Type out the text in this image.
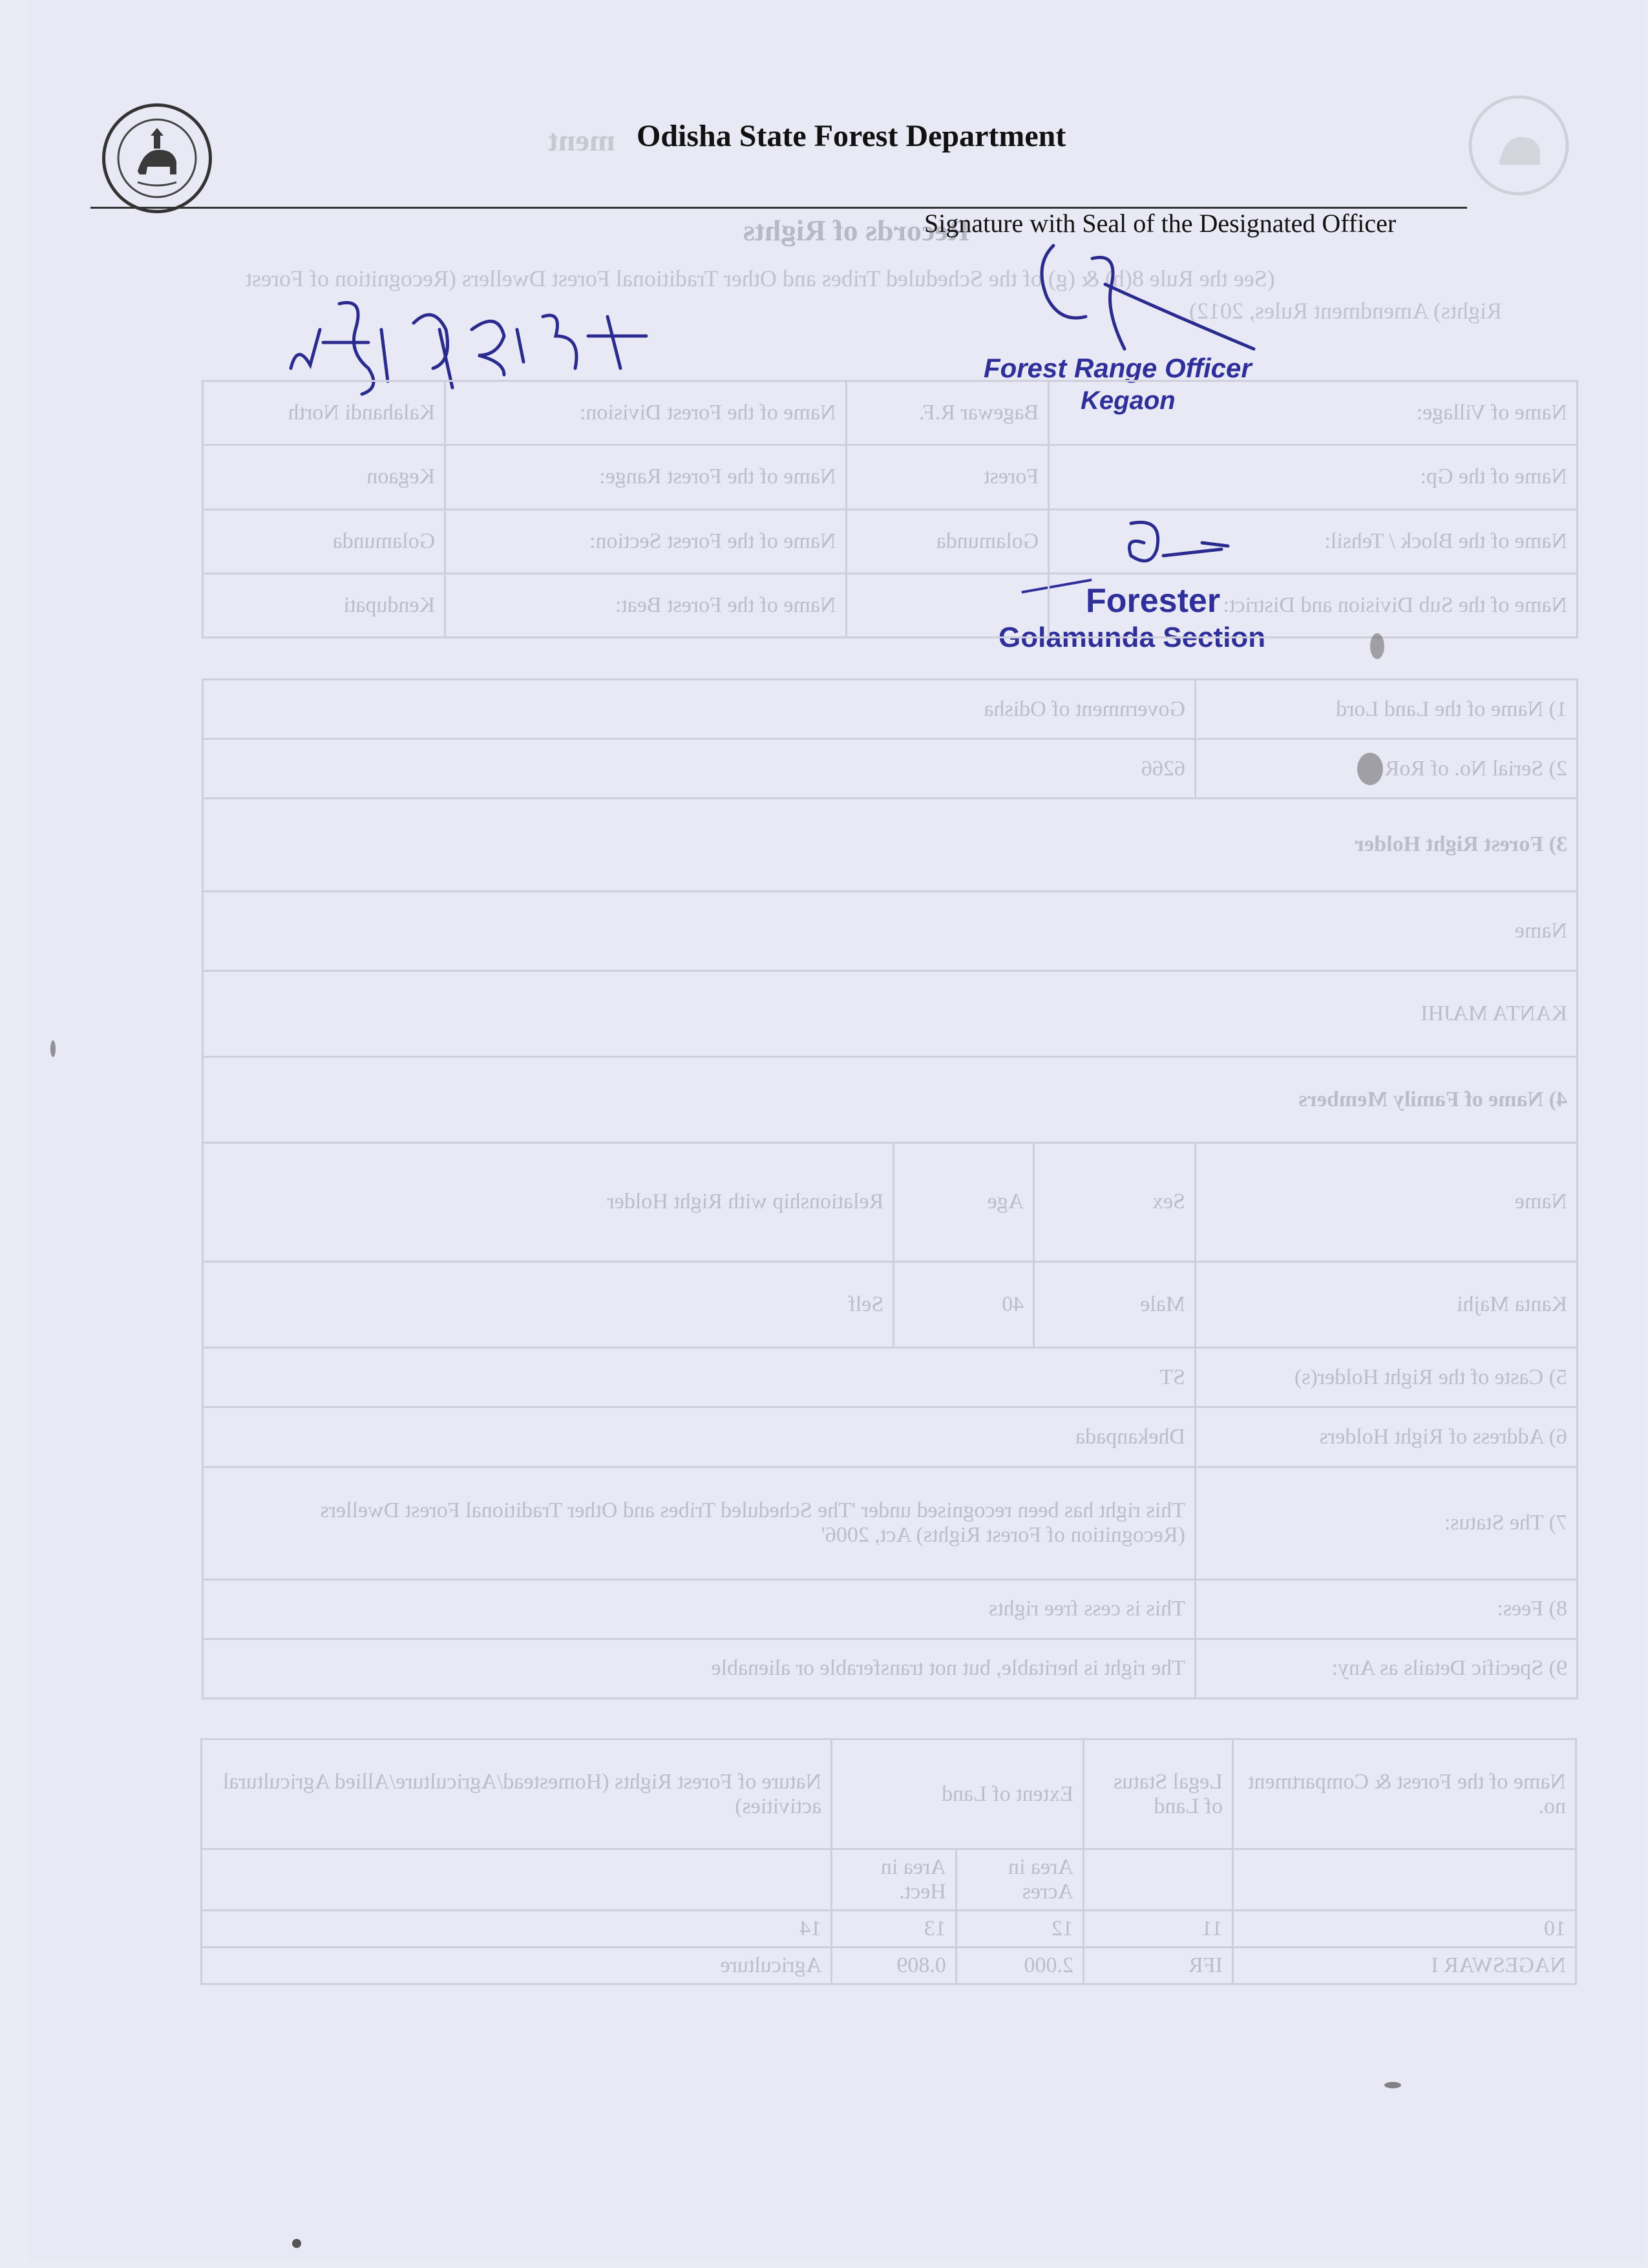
ment
Records of Rights
(See the Rule 8(h) & (g) of the Scheduled Tribes and Other Traditional Forest Dwellers (Recognition of Forest
Rights) Amendment Rules, 2012)
Odisha State Forest Department
Signature with Seal of the Designated Officer
Forest Range Officer
Kegaon
Forester
Golamunda Section
Name of Village:	Bagewar R.F.	Name of the Forest Division:	Kalahandi North
Name of the Gp:	Forest	Name of the Forest Range:	Kegaon
Name of the Block / Tehsil:	Golamunda	Name of the Forest Section:	Golamunda
Name of the Sub Division and District:		Name of the Forest Beat:	Kendupati
1) Name of the Land Lord	Government of Odisha		
2) Serial No. of RoR	6266		
3) Forest Right Holder			
Name			
KANTA MAJHI			
4) Name of Family Members			
Name	Sex	Age	Relationship with Right Holder
Kanta Majhi	Male	40	Self
5) Caste of the Right Holder(s)	ST		
6) Address of Right Holders	Dhekanpada		
7) The Status:	This right has been recognised under 'The Scheduled Tribes and Other Traditional Forest Dwellers (Recognition of Forest Rights) Act, 2006'		
8) Fees:	This is cess free rights		
9) Specific Details as Any:	The right is heritable, but not transferable or alienable		
Name of the Forest & Compartment no.	Legal Status of Land	Extent of Land		Nature of Forest Rights (Homestead/Agriculture/Allied Agricultural activities)
		Area in Acres	Area in Hect.	
10	11	12	13	14
NAGESWAR I	IFR	2.000	0.809	Agriculture
